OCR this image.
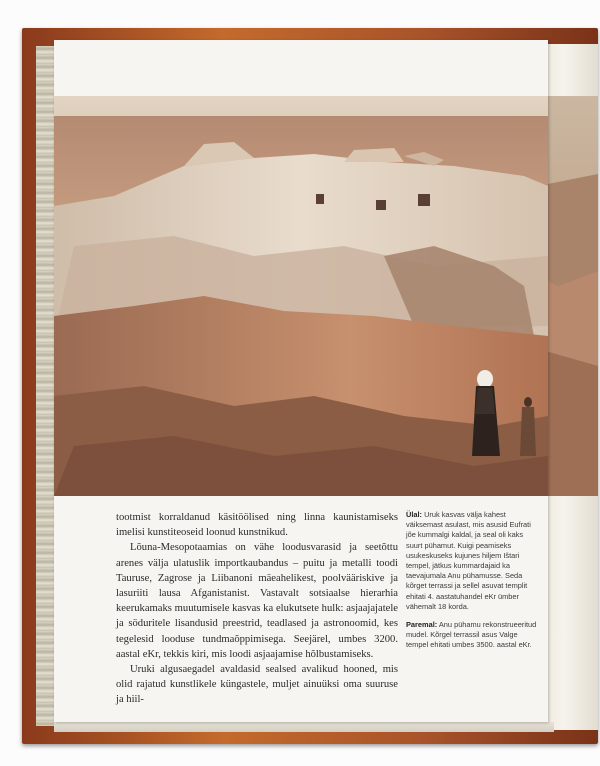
tootmist korraldanud käsitöölised ning linna kaunistamiseks imelisi kunstiteoseid loonud kunstnikud.

Lõuna-Mesopotaamias on vähe loodusvarasid ja seetõttu arenes välja ulatuslik importkaubandus – puitu ja metalli toodi Tauruse, Zagrose ja Liibanoni mäeahelikest, poolvääriskive ja lasuriiti lausa Afganistanist. Vastavalt sotsiaalse hierarhia keerukamaks muutumisele kasvas ka elukutsete hulk: asjaajajatele ja söduritele lisandusid preestrid, teadlased ja astronoomid, kes tegelesid looduse tundmaõppimisega. Seejärel, umbes 3200. aastal eKr, tekkis kiri, mis loodi asjaajamise hõlbustamiseks.

Uruki algusaegadel avaldasid sealsed avalikud hooned, mis olid rajatud kunstlikele küngastele, muljet ainuüksi oma suuruse ja hiil-

Ülal: Uruk kasvas välja kahest väiksemast asulast, mis asusid Eufrati jõe kummalgi kaldal, ja seal oli kaks suurt pühamut. Kuigi peamiseks usukeskuseks kujunes hiljem Ištari tempel, jätkus kummardajaid ka taevajumala Anu pühamusse. Seda kõrget terrassi ja sellel asuvat templit ehitati 4. aastatuhandel eKr ümber vähemalt 18 korda.

Paremal: Anu pühamu rekonstrueeritud mudel. Kõrgel terrassil asus Valge tempel ehitati umbes 3500. aastal eKr.
